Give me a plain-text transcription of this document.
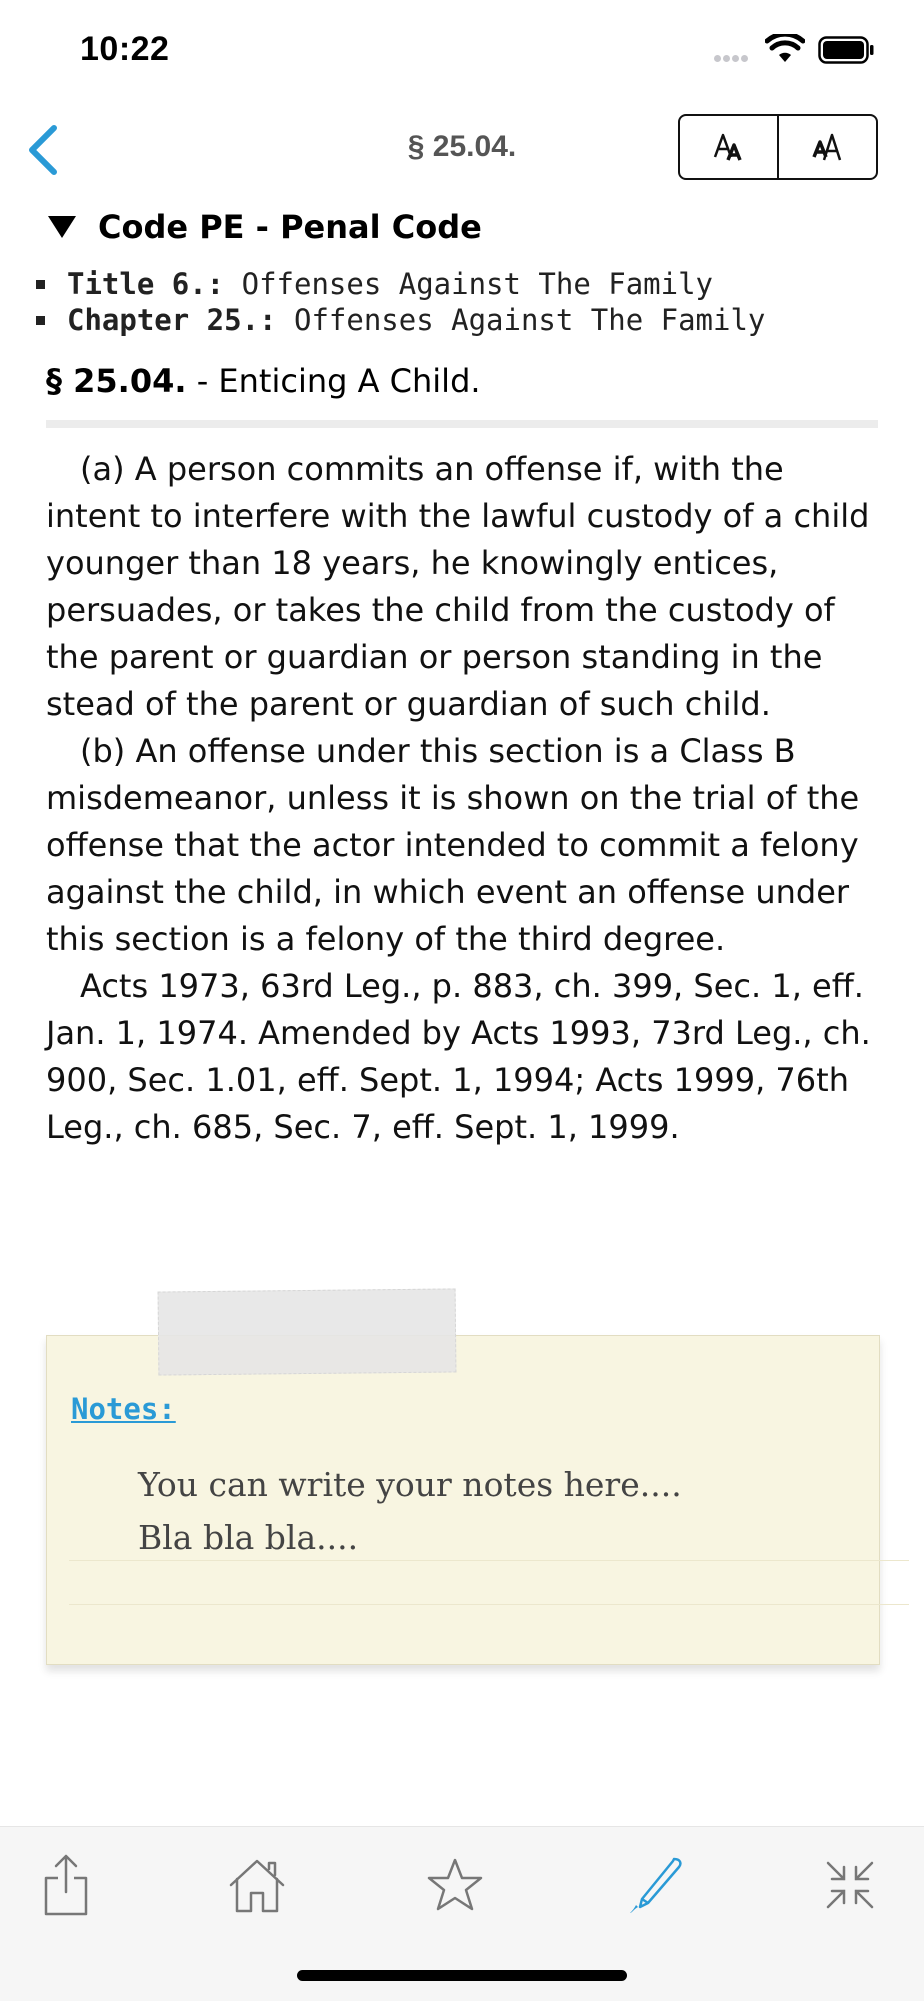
10:22
§ 25.04.
Code PE - Penal Code
Title 6.:
Offenses Against The Family
Chapter 25.:
Offenses Against The Family
§ 25.04. - Enticing A Child.

(a) A person commits an offense if, with the intent to interfere with the lawful custody of a child younger than 18 years, he knowingly entices, persuades, or takes the child from the custody of the parent or guardian or person standing in the stead of the parent or guardian of such child.

(b) An offense under this section is a Class B misdemeanor, unless it is shown on the trial of the offense that the actor intended to commit a felony against the child, in which event an offense under this section is a felony of the third degree.

Acts 1973, 63rd Leg., p. 883, ch. 399, Sec. 1, eff. Jan. 1, 1974. Amended by Acts 1993, 73rd Leg., ch. 900, Sec. 1.01, eff. Sept. 1, 1994; Acts 1999, 76th Leg., ch. 685, Sec. 7, eff. Sept. 1, 1999.

Notes:
You can write your notes here....
Bla bla bla....
